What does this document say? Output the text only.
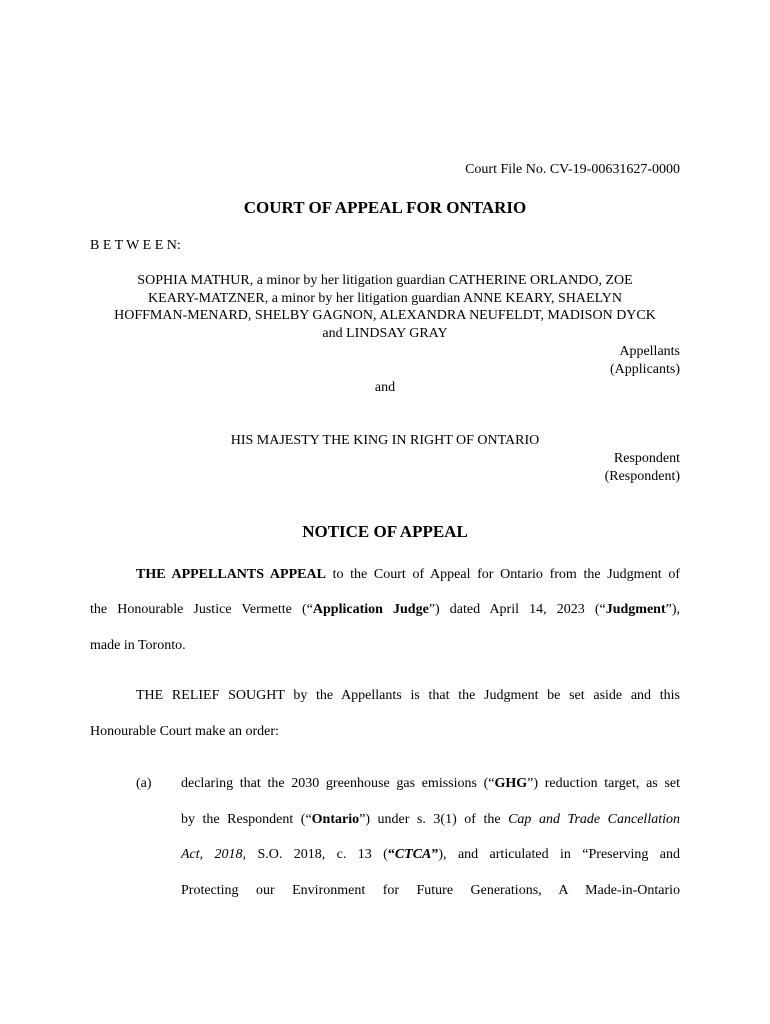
Court File No. CV-19-00631627-0000
COURT OF APPEAL FOR ONTARIO
B E T W E E N:
SOPHIA MATHUR, a minor by her litigation guardian CATHERINE ORLANDO, ZOE
KEARY-MATZNER, a minor by her litigation guardian ANNE KEARY, SHAELYN
HOFFMAN-MENARD, SHELBY GAGNON, ALEXANDRA NEUFELDT, MADISON DYCK
and LINDSAY GRAY
Appellants
(Applicants)
and
HIS MAJESTY THE KING IN RIGHT OF ONTARIO
Respondent
(Respondent)
NOTICE OF APPEAL
THE APPELLANTS APPEAL to the Court of Appeal for Ontario from the Judgment of
the Honourable Justice Vermette (“Application Judge”) dated April 14, 2023 (“Judgment”),
made in Toronto.
THE RELIEF SOUGHT by the Appellants is that the Judgment be set aside and this
Honourable Court make an order:
(a) declaring that the 2030 greenhouse gas emissions (“GHG”) reduction target, as set
by the Respondent (“Ontario”) under s. 3(1) of the Cap and Trade Cancellation
Act, 2018, S.O. 2018, c. 13 (“CTCA”), and articulated in “Preserving and
Protecting our Environment for Future Generations, A Made-in-Ontario
